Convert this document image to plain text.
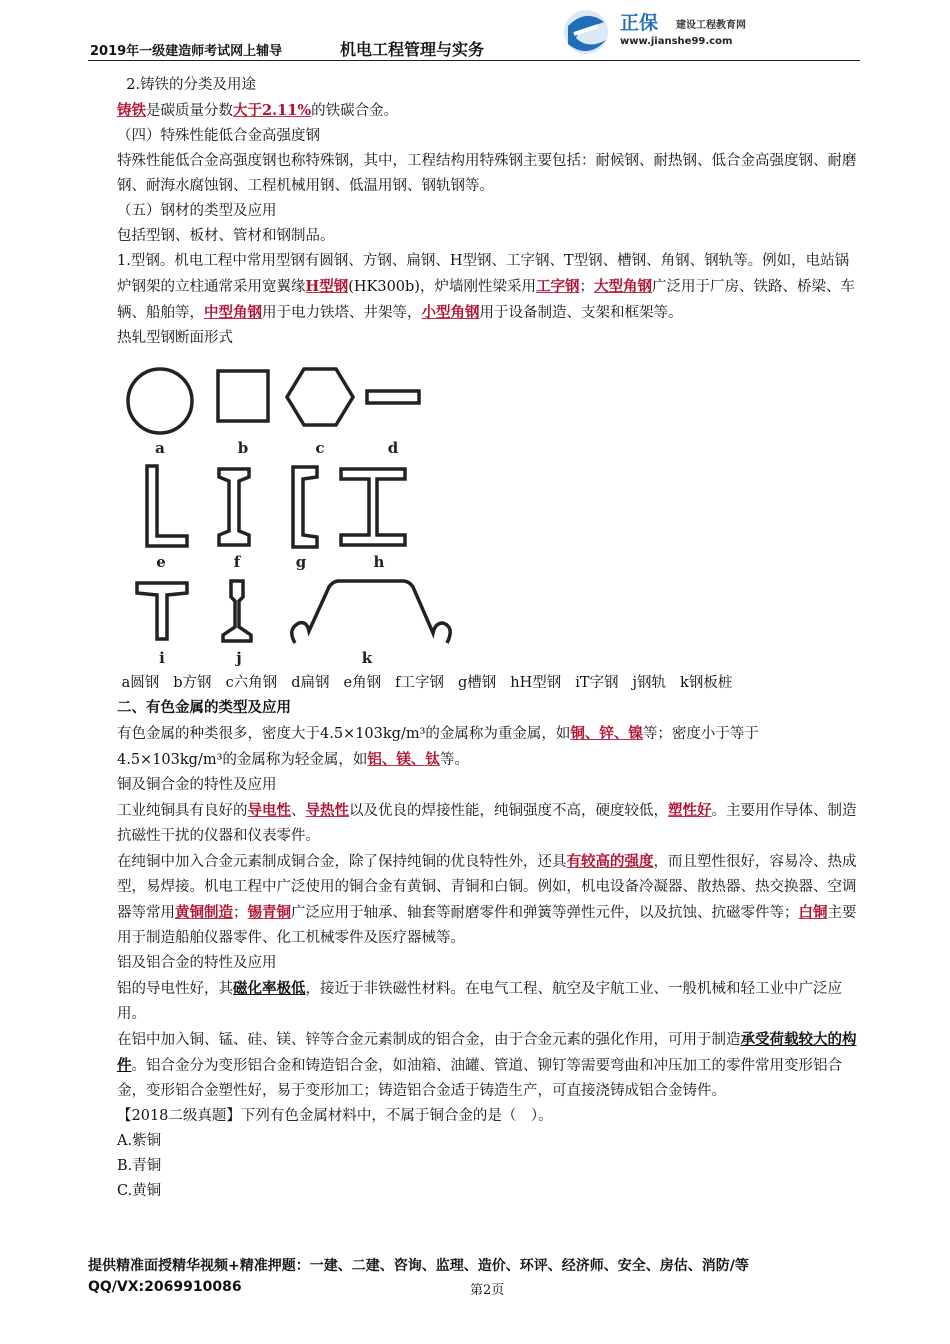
2019年一级建造师考试网上辅导	机电工程管理与实务
正保 建设工程教育网
www.jianshe99.com

2.铸铁的分类及用途

铸铁是碳质量分数大于2.11%的铁碳合金。

（四）特殊性能低合金高强度钢

特殊性能低合金高强度钢也称特殊钢，其中，工程结构用特殊钢主要包括：耐候钢、耐热钢、低合金高强度钢、耐磨钢、耐海水腐蚀钢、工程机械用钢、低温用钢、钢轨钢等。

（五）钢材的类型及应用

包括型钢、板材、管材和钢制品。

1.型钢。机电工程中常用型钢有圆钢、方钢、扁钢、H型钢、工字钢、T型钢、槽钢、角钢、钢轨等。例如，电站锅炉钢架的立柱通常采用宽翼缘H型钢(HK300b)，炉墙刚性梁采用工字钢；大型角钢广泛用于厂房、铁路、桥梁、车辆、船舶等，中型角钢用于电力铁塔、井架等，小型角钢用于设备制造、支架和框架等。

热轧型钢断面形式

a	b	c	d
e	f	g	h
i	j	k

a圆钢 b方钢 c六角钢 d扁钢 e角钢 f工字钢 g槽钢 hH型钢 iT字钢 j钢轨 k钢板桩

二、有色金属的类型及应用

有色金属的种类很多，密度大于4.5×103kg/m³的金属称为重金属，如铜、锌、镍等；密度小于等于4.5×103kg/m³的金属称为轻金属，如铝、镁、钛等。

铜及铜合金的特性及应用

工业纯铜具有良好的导电性、导热性以及优良的焊接性能，纯铜强度不高，硬度较低，塑性好。主要用作导体、制造抗磁性干扰的仪器和仪表零件。

在纯铜中加入合金元素制成铜合金，除了保持纯铜的优良特性外，还具有较高的强度，而且塑性很好，容易冷、热成型，易焊接。机电工程中广泛使用的铜合金有黄铜、青铜和白铜。例如，机电设备冷凝器、散热器、热交换器、空调器等常用黄铜制造；锡青铜广泛应用于轴承、轴套等耐磨零件和弹簧等弹性元件，以及抗蚀、抗磁零件等；白铜主要用于制造船舶仪器零件、化工机械零件及医疗器械等。

铝及铝合金的特性及应用

铝的导电性好，其磁化率极低，接近于非铁磁性材料。在电气工程、航空及宇航工业、一般机械和轻工业中广泛应用。

在铝中加入铜、锰、硅、镁、锌等合金元素制成的铝合金，由于合金元素的强化作用，可用于制造承受荷载较大的构件。铝合金分为变形铝合金和铸造铝合金，如油箱、油罐、管道、铆钉等需要弯曲和冲压加工的零件常用变形铝合金，变形铝合金塑性好，易于变形加工；铸造铝合金适于铸造生产，可直接浇铸成铝合金铸件。

【2018二级真题】下列有色金属材料中，不属于铜合金的是（　）。

A.紫铜

B.青铜

C.黄铜

提供精准面授精华视频+精准押题：一建、二建、咨询、监理、造价、环评、经济师、安全、房估、消防/等
QQ/VX:2069910086	第2页
